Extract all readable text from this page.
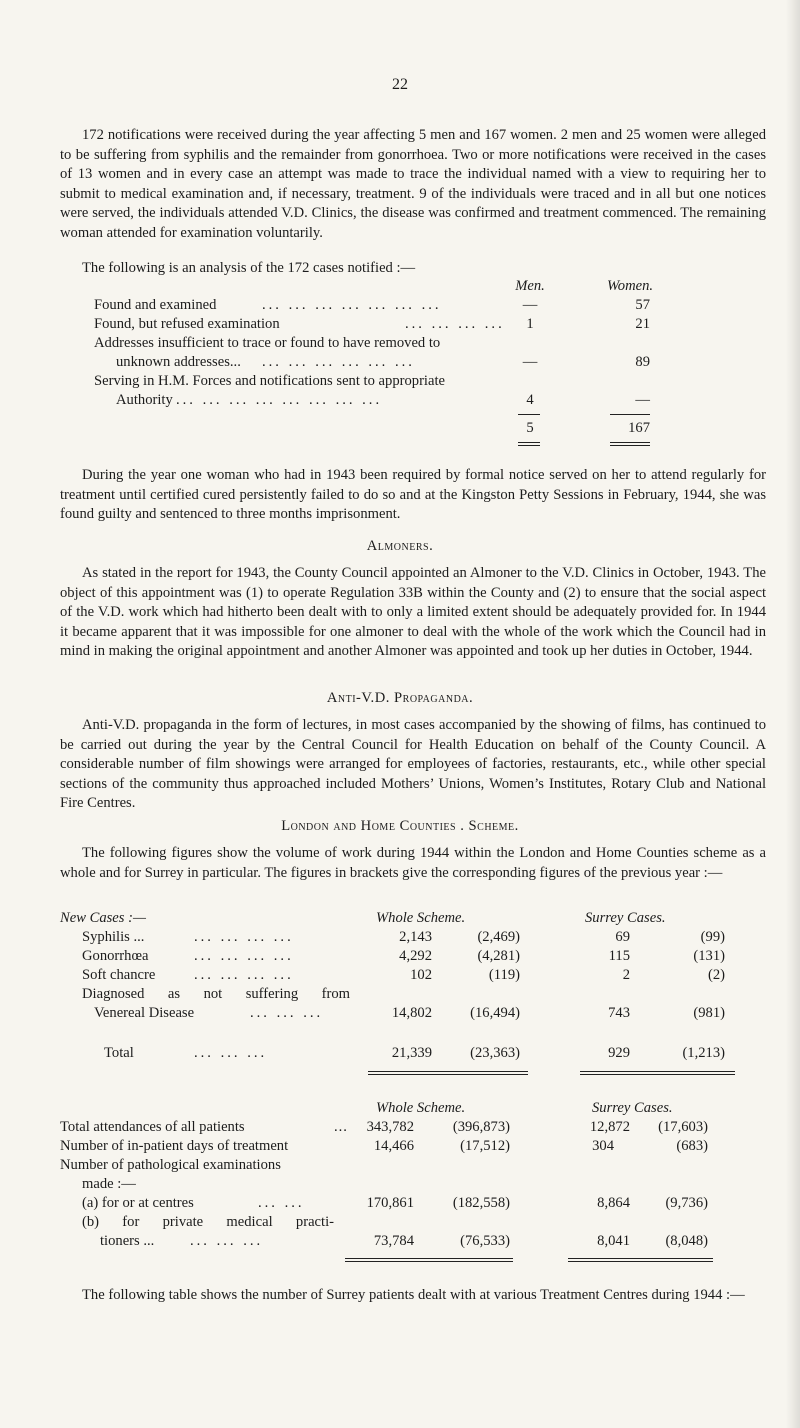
22

172 notifications were received during the year affecting 5 men and 167 women. 2 men and 25 women were alleged to be suffering from syphilis and the remainder from gonorrhoea. Two or more notifications were received in the cases of 13 women and in every case an attempt was made to trace the individual named with a view to requiring her to submit to medical examination and, if necessary, treatment. 9 of the individuals were traced and in all but one notices were served, the individuals attended V.D. Clinics, the disease was confirmed and treatment commenced. The remaining woman attended for examination voluntarily.

The following is an analysis of the 172 cases notified :—
Men.	Women.
Found and examined	... ... ... ... ... ... ...	—	57
Found, but refused examination	... ... ... ...	1	21
Addresses insufficient to trace or found to have removed to
unknown addresses... ... ... ... ... ... ...	—	89
Serving in H.M. Forces and notifications sent to appropriate
Authority ... ... ... ... ... ... ... ...	4	—
5	167

During the year one woman who had in 1943 been required by formal notice served on her to attend regularly for treatment until certified cured persistently failed to do so and at the Kingston Petty Sessions in February, 1944, she was found guilty and sentenced to three months imprisonment.

Almoners.

As stated in the report for 1943, the County Council appointed an Almoner to the V.D. Clinics in October, 1943. The object of this appointment was (1) to operate Regulation 33B within the County and (2) to ensure that the social aspect of the V.D. work which had hitherto been dealt with to only a limited extent should be adequately provided for. In 1944 it became apparent that it was impossible for one almoner to deal with the whole of the work which the Council had in mind in making the original appointment and another Almoner was appointed and took up her duties in October, 1944.

Anti-V.D. Propaganda.

Anti-V.D. propaganda in the form of lectures, in most cases accompanied by the showing of films, has continued to be carried out during the year by the Central Council for Health Education on behalf of the County Council. A considerable number of film showings were arranged for employees of factories, restaurants, etc., while other special sections of the community thus approached included Mothers’ Unions, Women’s Institutes, Rotary Club and National Fire Centres.

London and Home Counties . Scheme.

The following figures show the volume of work during 1944 within the London and Home Counties scheme as a whole and for Surrey in particular. The figures in brackets give the corresponding figures of the previous year :—

New Cases :—	Whole Scheme.	Surrey Cases.
Syphilis ...	... ... ... ...	2,143	(2,469)	69	(99)
Gonorrhœa	... ... ... ...	4,292	(4,281)	115	(131)
Soft chancre	... ... ... ...	102	(119)	2	(2)
Diagnosed as not suffering from
Venereal Disease	... ... ...	14,802	(16,494)	743	(981)
Total	... ... ...	21,339	(23,363)	929	(1,213)
Whole Scheme.	Surrey Cases.
Total attendances of all patients	...	343,782	(396,873)	12,872	(17,603)
Number of in-patient days of treatment	14,466	(17,512)	304	(683)
Number of pathological examinations
made :—
(a) for or at centres	... ...	170,861	(182,558)	8,864	(9,736)
(b) for private medical practi-
tioners ... ... ... ...	73,784	(76,533)	8,041	(8,048)

The following table shows the number of Surrey patients dealt with at various Treatment Centres during 1944 :—
